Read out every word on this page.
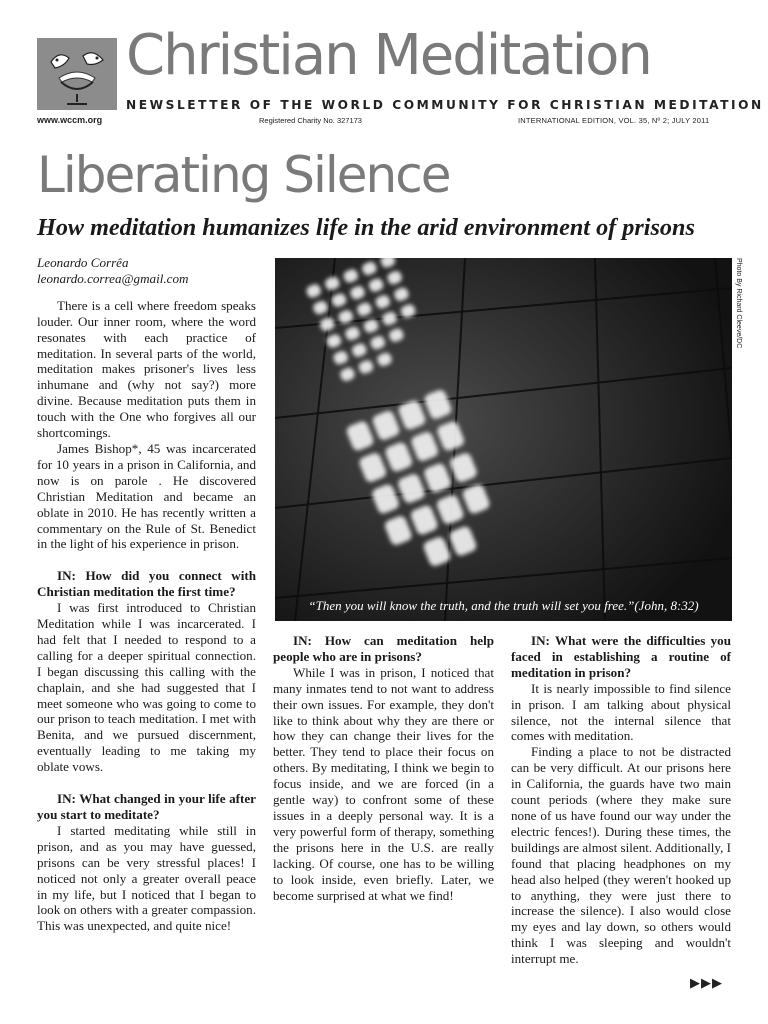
Christian Meditation
NEWSLETTER OF THE WORLD COMMUNITY FOR CHRISTIAN MEDITATION
www.wccm.org	Registered Charity No. 327173	INTERNATIONAL EDITION, VOL. 35, Nº 2; JULY 2011
Liberating Silence
How meditation humanizes life in the arid environment of prisons

Leonardo Corrêa

leonardo.correa@gmail.com

There is a cell where freedom speaks louder. Our inner room, where the word resonates with each practice of meditation. In several parts of the world, meditation makes prisoner's lives less inhumane and (why not say?) more divine. Because meditation puts them in touch with the One who forgives all our shortcomings.

James Bishop*, 45 was incarcerated for 10 years in a prison in California, and now is on parole . He discovered Christian Meditation and became an oblate in 2010. He has recently written a commentary on the Rule of St. Benedict in the light of his experience in prison.

IN: How did you connect with Christian meditation the first time?

I was first introduced to Christian Meditation while I was incarcerated. I had felt that I needed to respond to a calling for a deeper spiritual connection. I began discussing this calling with the chaplain, and she had suggested that I meet someone who was going to come to our prison to teach meditation. I met with Benita, and we pursued discernment, eventually leading to me taking my oblate vows.

IN: What changed in your life after you start to meditate?

I started meditating while still in prison, and as you may have guessed, prisons can be very stressful places! I noticed not only a greater overall peace in my life, but I noticed that I began to look on others with a greater compassion. This was unexpected, and quite nice!

“Then you will know the truth, and the truth will set you free.”(John, 8:32)
Photo By Richard Cleeve/DC

IN: How can meditation help people who are in prisons?

While I was in prison, I noticed that many inmates tend to not want to address their own issues. For example, they don't like to think about why they are there or how they can change their lives for the better. They tend to place their focus on others. By meditating, I think we begin to focus inside, and we are forced (in a gentle way) to confront some of these issues in a deeply personal way. It is a very powerful form of therapy, something the prisons here in the U.S. are really lacking. Of course, one has to be willing to look inside, even briefly. Later, we become surprised at what we find!

IN: What were the difficulties you faced in establishing a routine of meditation in prison?

It is nearly impossible to find silence in prison. I am talking about physical silence, not the internal silence that comes with meditation.

Finding a place to not be distracted can be very difficult. At our prisons here in California, the guards have two main count periods (where they make sure none of us have found our way under the electric fences!). During these times, the buildings are almost silent. Additionally, I found that placing headphones on my head also helped (they weren't hooked up to anything, they were just there to increase the silence). I also would close my eyes and lay down, so others would think I was sleeping and wouldn't interrupt me.

▶▶▶
